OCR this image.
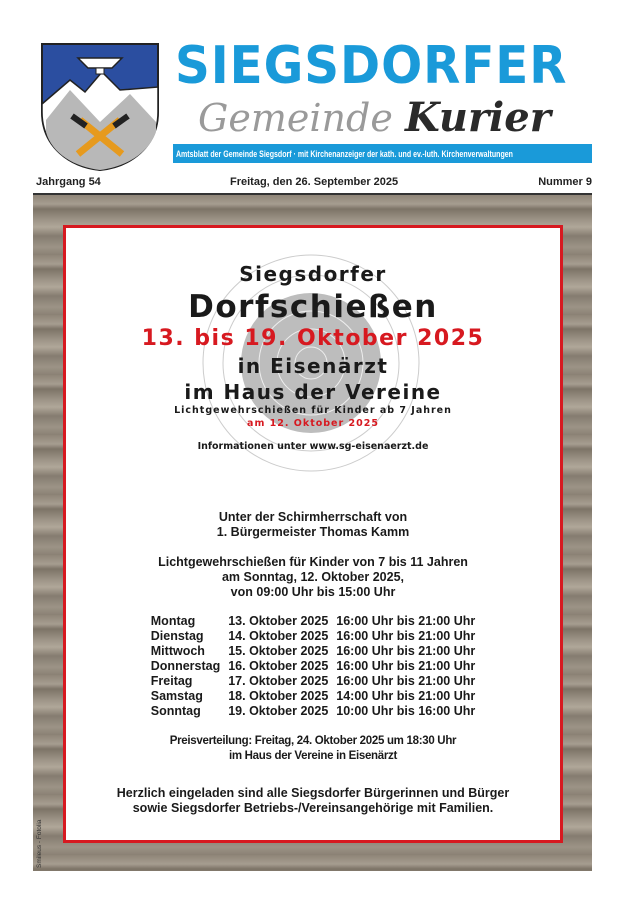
SIEGSDORFER
Gemeinde Kurier
Amtsblatt der Gemeinde Siegsdorf · mit Kirchenanzeiger der kath. und ev.-luth. Kirchenverwaltungen
Jahrgang 54	Freitag, den 26. September 2025	Nummer 9
Smileus - Fotolia
Siegsdorfer
Dorfschießen
13. bis 19. Oktober 2025
in Eisenärzt
im Haus der Vereine
Lichtgewehrschießen für Kinder ab 7 Jahren
am 12. Oktober 2025
Informationen unter www.sg-eisenaerzt.de
Unter der Schirmherrschaft von
1. Bürgermeister Thomas Kamm
Lichtgewehrschießen für Kinder von 7 bis 11 Jahren
am Sonntag, 12. Oktober 2025,
von 09:00 Uhr bis 15:00 Uhr
Montag	13. Oktober 2025	16:00 Uhr bis 21:00 Uhr
Dienstag	14. Oktober 2025	16:00 Uhr bis 21:00 Uhr
Mittwoch	15. Oktober 2025	16:00 Uhr bis 21:00 Uhr
Donnerstag	16. Oktober 2025	16:00 Uhr bis 21:00 Uhr
Freitag	17. Oktober 2025	16:00 Uhr bis 21:00 Uhr
Samstag	18. Oktober 2025	14:00 Uhr bis 21:00 Uhr
Sonntag	19. Oktober 2025	10:00 Uhr bis 16:00 Uhr
Preisverteilung: Freitag, 24. Oktober 2025 um 18:30 Uhr
im Haus der Vereine in Eisenärzt
Herzlich eingeladen sind alle Siegsdorfer Bürgerinnen und Bürger
sowie Siegsdorfer Betriebs-/Vereinsangehörige mit Familien.
